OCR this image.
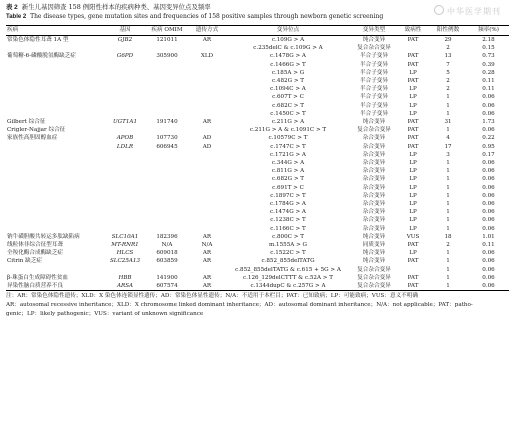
中华医学期刊
表 2 新生儿基因筛查 158 例阳性样本的疾病种类、基因变异位点及频率
Table 2 The disease types, gene mutation sites and frequencies of 158 positive samples through newborn genetic screening
疾病	基因	疾病 OMIM	遗传方式	变异位点	变异类型	致病性	阳性例数	频率(%)
常染色体隐性耳聋 1A 型	GJB2	121011	AR	c.109G > A	纯合变异	PAT	29	2.18
				c.235delC & c.109G > A	复合杂合变异		2	0.15
葡萄糖-6-磷酸脱氢酶缺乏症	G6PD	305900	XLD	c.1478G > A	半合子变异	PAT	13	0.73
				c.1466G > T	半合子变异	PAT	7	0.39
				c.185A > G	半合子变异	LP	5	0.28
				c.482G > T	半合子变异	PAT	2	0.11
				c.1094C > A	半合子变异	LP	2	0.11
				c.607T > C	半合子变异	LP	1	0.06
				c.682C > T	半合子变异	LP	1	0.06
				c.1450C > T	半合子变异	LP	1	0.06
Gilbert 综合征	UGT1A1	191740	AR	c.211G > A	纯合变异	PAT	31	1.73
Crigler-Najjar 综合征				c.211G > A & c.1091C > T	复合杂合变异	PAT	1	0.06
家族性高胆固醇血症	APOB	107730	AD	c.10579C > T	杂合变异	PAT	4	0.22
	LDLR	606945	AD	c.1747C > T	杂合变异	PAT	17	0.95
				c.1721G > A	杂合变异	LP	3	0.17
				c.344G > A	杂合变异	LP	1	0.06
				c.811G > A	杂合变异	LP	1	0.06
				c.682G > T	杂合变异	LP	1	0.06
				c.691T > C	杂合变异	LP	1	0.06
				c.1897C > T	杂合变异	LP	1	0.06
				c.1784G > A	杂合变异	LP	1	0.06
				c.1474G > A	杂合变异	LP	1	0.06
				c.1238C > T	杂合变异	LP	1	0.06
				c.1166C > T	杂合变异	LP	1	0.06
钠牛磺胆酸共转运多肽缺陷病	SLC10A1	182396	AR	c.800C > T	纯合变异	VUS	18	1.01
线粒体非综合征型耳聋	MT-RNR1	N/A	N/A	m.1555A > G	同质变异	PAT	2	0.11
全羧化酶合成酶缺乏症	HLCS	609018	AR	c.1522C > T	纯合变异	LP	1	0.06
Citrin 缺乏症	SLC25A13	603859	AR	c.852_855delTATG	纯合变异	PAT	1	0.06
				c.852_855delTATG & c.615 + 5G > A	复合杂合变异		1	0.06
β-珠蛋白生成障碍性贫血	HBB	141900	AR	c.126_129delCTTT & c.52A > T	复合杂合变异	PAT	1	0.06
异染性脑白质营养不良	ARSA	607574	AR	c.1344dupC & c.257G > A	复合杂合变异	PAT	1	0.06
注：AR：常染色体隐性遗传；XLD：X 染色体连锁显性遗传；AD：常染色体显性遗传；N/A：不适用于本栏目；PAT：已知致病；LP：可能致病；VUS：意义不明确
AR：autosomal recessive inheritance；XLD：X chromosome linked dominant inheritance；AD：autosomal dominant inheritance；N/A：not applicable；PAT：patho-
genic；LP：likely pathogenic；VUS：variant of unknown significance
